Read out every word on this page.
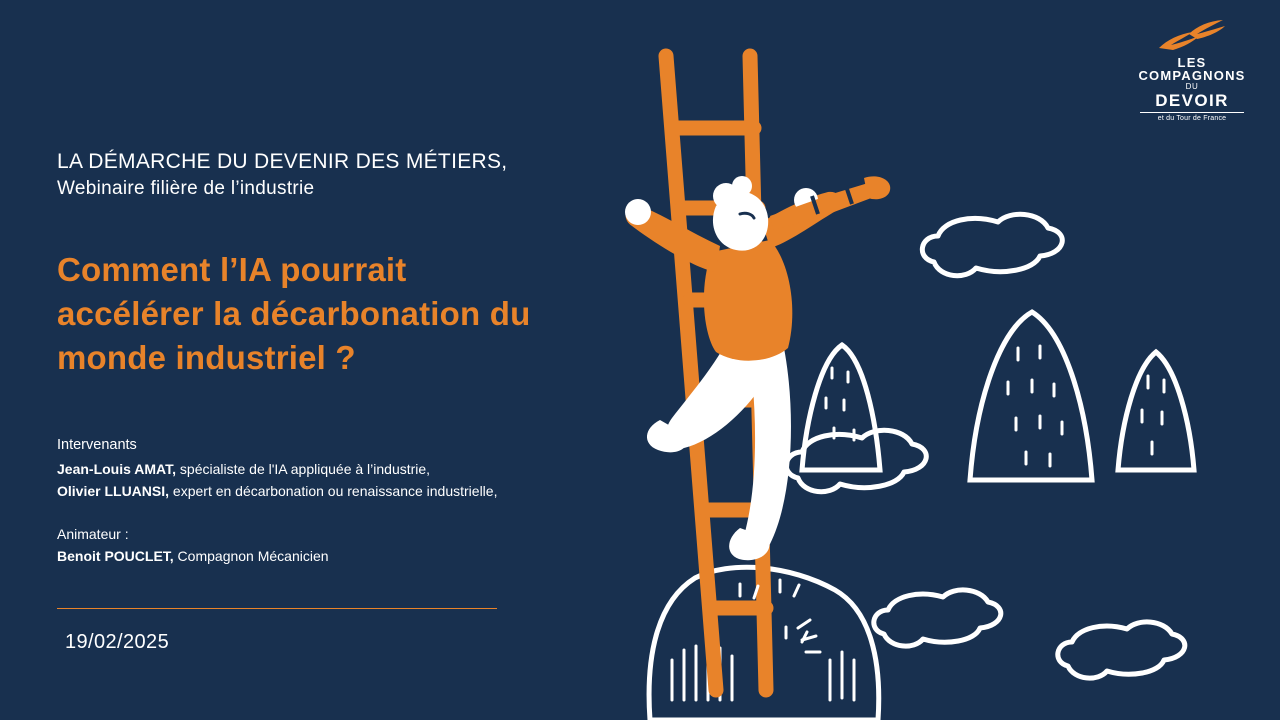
LES COMPAGNONS
DU
DEVOIR
et du Tour de France
LA DÉMARCHE DU DEVENIR DES MÉTIERS,
Webinaire filière de l’industrie
Comment l’IA pourrait
accélérer la décarbonation du
monde industriel ?
Intervenants
Jean-Louis AMAT, spécialiste de l'IA appliquée à l’industrie,
Olivier LLUANSI, expert en décarbonation ou renaissance industrielle,
Animateur :
Benoit POUCLET, Compagnon Mécanicien
19/02/2025
